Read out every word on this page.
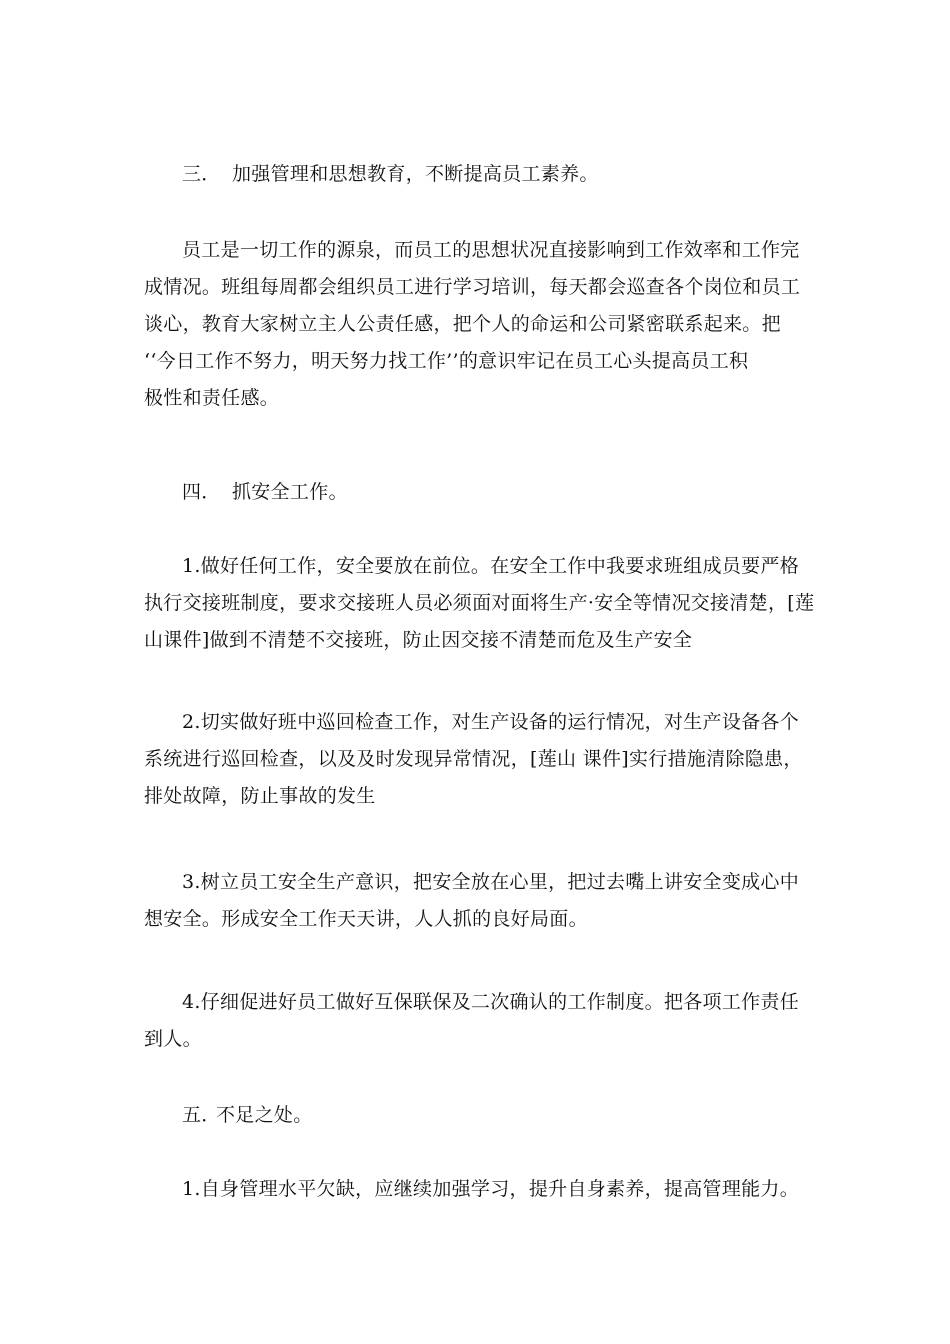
三． 加强管理和思想教育，不断提高员工素养。
员工是一切工作的源泉，而员工的思想状况直接影响到工作效率和工作完
成情况。班组每周都会组织员工进行学习培训，每天都会巡查各个岗位和员工
谈心，教育大家树立主人公责任感，把个人的命运和公司紧密联系起来。把
‘‘今日工作不努力，明天努力找工作’’的意识牢记在员工心头提高员工积
极性和责任感。
四． 抓安全工作。
1.做好任何工作，安全要放在前位。在安全工作中我要求班组成员要严格
执行交接班制度，要求交接班人员必须面对面将生产·安全等情况交接清楚，[莲
山课件]做到不清楚不交接班，防止因交接不清楚而危及生产安全
2.切实做好班中巡回检查工作，对生产设备的运行情况，对生产设备各个
系统进行巡回检查，以及及时发现异常情况，[莲山 课件]实行措施清除隐患，
排处故障，防止事故的发生
3.树立员工安全生产意识，把安全放在心里，把过去嘴上讲安全变成心中
想安全。形成安全工作天天讲，人人抓的良好局面。
4.仔细促进好员工做好互保联保及二次确认的工作制度。把各项工作责任
到人。
五．不足之处。
1.自身管理水平欠缺，应继续加强学习，提升自身素养，提高管理能力。
